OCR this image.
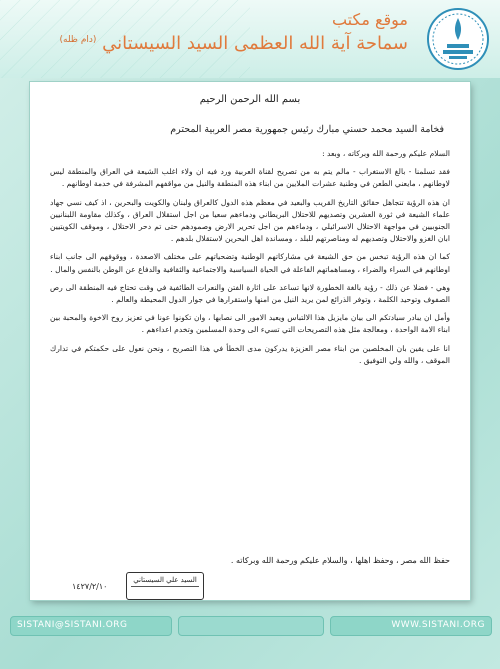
موقع مكتب
سماحة آية الله العظمى السيد السيستاني $^{(دام ظله)}$
بسم الله الرحمن الرحيم
فخامة السيد محمد حسني مبارك رئيس جمهورية مصر العربية المحترم

السلام عليكم ورحمة الله وبركاته ، وبعد :

فقد تسلمنا - بالغ الاستغراب - مالم يتم به من تصريح لقناة العربية ورد فيه ان ولاء اغلب الشيعة في العراق والمنطقة ليس لاوطانهم ، مايعني الطعن في وطنية عشرات الملايين من ابناء هذه المنطقة والنيل من مواقفهم المشرفة في خدمة اوطانهم .

ان هذه الرؤية تتجاهل حقائق التاريخ القريب والبعيد في معظم هذه الدول كالعراق ولبنان والكويت والبحرين ، اذ كيف نسي جهاد علماء الشيعة في ثورة العشرين وتصديهم للاحتلال البريطاني ودماءهم سعيا من اجل استقلال العراق ، وكذلك مقاومة اللبنانيين الجنوبيين في مواجهة الاحتلال الاسرائيلي ، ودماءهم من اجل تحرير الارض وصمودهم حتى تم دحر الاحتلال ، وموقف الكويتيين ابان الغزو والاحتلال وتصديهم له ومناصرتهم للبلد ، ومساندة اهل البحرين لاستقلال بلدهم .

كما ان هذه الرؤية تبخس من حق الشيعة في مشاركاتهم الوطنية وتضحياتهم على مختلف الاصعدة ، ووقوفهم الى جانب ابناء اوطانهم في السراء والضراء ، ومساهماتهم الفاعلة في الحياة السياسية والاجتماعية والثقافية والدفاع عن الوطن بالنفس والمال .

وهي - فضلا عن ذلك - رؤية بالغة الخطورة لانها تساعد على اثارة الفتن والنعرات الطائفية في وقت تحتاج فيه المنطقة الى رص الصفوف وتوحيد الكلمة ، وتوفر الذرائع لمن يريد النيل من امنها واستقرارها في جوار الدول المحيطة والعالم .

وأمل ان يبادر سيادتكم الى بيان مايزيل هذا الالتباس ويعيد الامور الى نصابها ، وان تكونوا عونا في تعزيز روح الاخوة والمحبة بين ابناء الامة الواحدة ، ومعالجة مثل هذه التصريحات التي تسيء الى وحدة المسلمين وتخدم اعداءهم .

انا على يقين بان المخلصين من ابناء مصر العزيزة يدركون مدى الخطأ في هذا التصريح ، ونحن نعول على حكمتكم في تدارك الموقف ، والله ولي التوفيق .

حفظ الله مصر ، وحفظ اهلها ، والسلام عليكم ورحمة الله وبركاته .
السيد علي السيستاني
١٤٢٧/٢/١٠
SISTANI@SISTANI.ORG	WWW.SISTANI.ORG
